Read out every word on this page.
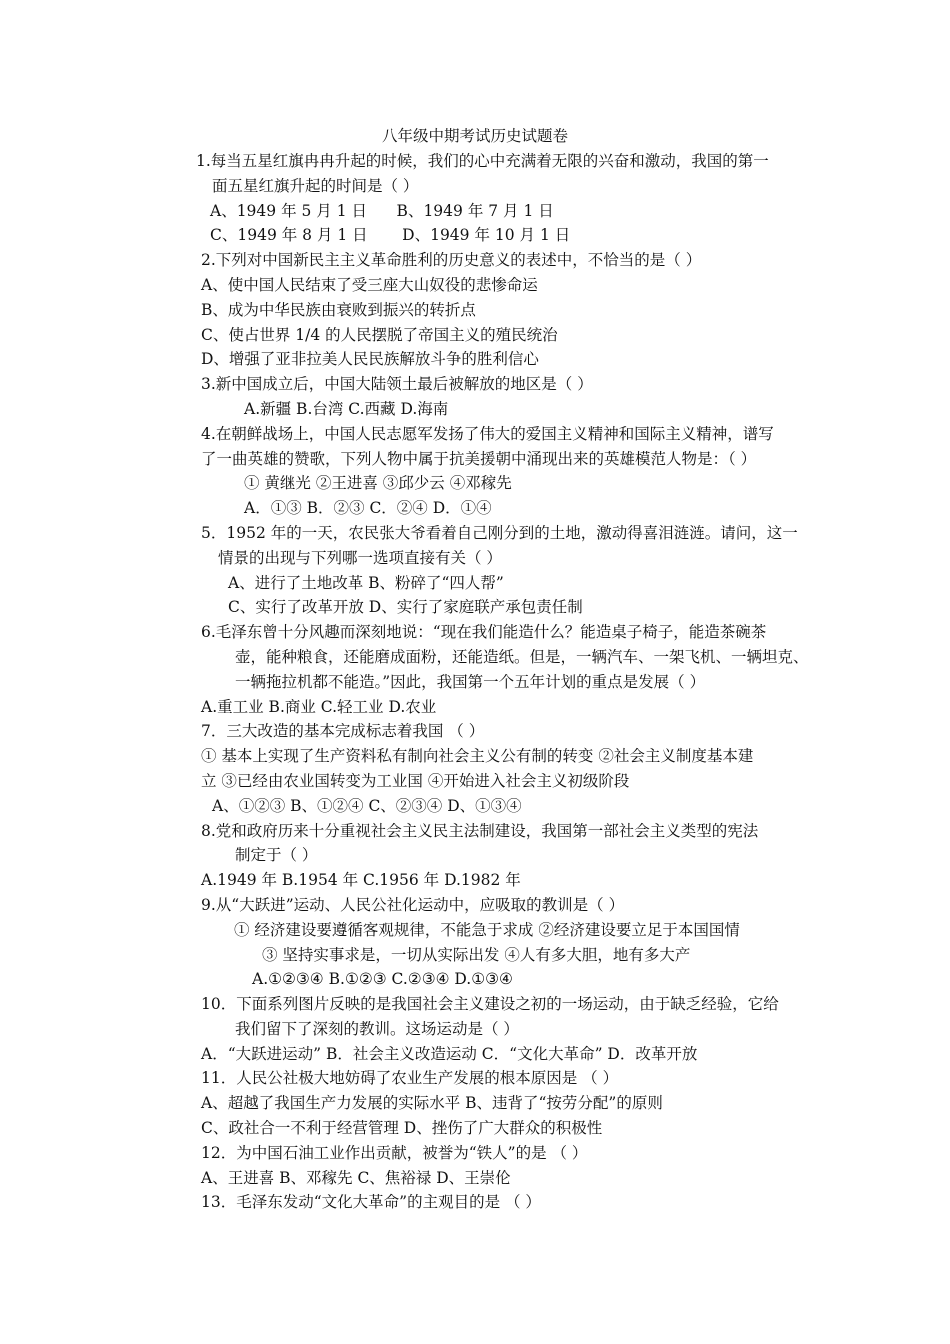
八年级中期考试历史试题卷
1.每当五星红旗冉冉升起的时候，我们的心中充满着无限的兴奋和激动，我国的第一
面五星红旗升起的时间是（ ）
A、1949 年 5 月 1 日      B、1949 年 7 月 1 日
C、1949 年 8 月 1 日       D、1949 年 10 月 1 日
2.下列对中国新民主主义革命胜利的历史意义的表述中，不恰当的是（ ）
A、使中国人民结束了受三座大山奴役的悲惨命运
B、成为中华民族由衰败到振兴的转折点
C、使占世界 1/4 的人民摆脱了帝国主义的殖民统治
D、增强了亚非拉美人民民族解放斗争的胜利信心
3.新中国成立后，中国大陆领土最后被解放的地区是（ ）
A.新疆 B.台湾 C.西藏 D.海南
4.在朝鲜战场上，中国人民志愿军发扬了伟大的爱国主义精神和国际主义精神，谱写
了一曲英雄的赞歌，下列人物中属于抗美援朝中涌现出来的英雄模范人物是：（ ）
① 黄继光 ②王进喜 ③邱少云 ④邓稼先
A．①③ B．②③ C．②④ D．①④
5．1952 年的一天，农民张大爷看着自己刚分到的土地，激动得喜泪涟涟。请问，这一
情景的出现与下列哪一选项直接有关（ ）
A、进行了土地改革 B、粉碎了“四人帮”
C、实行了改革开放 D、实行了家庭联产承包责任制
6.毛泽东曾十分风趣而深刻地说：“现在我们能造什么？能造桌子椅子，能造茶碗茶
壶，能种粮食，还能磨成面粉，还能造纸。但是，一辆汽车、一架飞机、一辆坦克、
一辆拖拉机都不能造。”因此，我国第一个五年计划的重点是发展（ ）
A.重工业 B.商业 C.轻工业 D.农业
7．三大改造的基本完成标志着我国 （ ）
① 基本上实现了生产资料私有制向社会主义公有制的转变 ②社会主义制度基本建
立 ③已经由农业国转变为工业国 ④开始进入社会主义初级阶段
A、①②③ B、①②④ C、②③④ D、①③④
8.党和政府历来十分重视社会主义民主法制建设，我国第一部社会主义类型的宪法
制定于（ ）
A.1949 年 B.1954 年 C.1956 年 D.1982 年
9.从“大跃进”运动、人民公社化运动中，应吸取的教训是（ ）
① 经济建设要遵循客观规律，不能急于求成 ②经济建设要立足于本国国情
③ 坚持实事求是，一切从实际出发 ④人有多大胆，地有多大产
A.①②③④ B.①②③ C.②③④ D.①③④
10．下面系列图片反映的是我国社会主义建设之初的一场运动，由于缺乏经验，它给
我们留下了深刻的教训。这场运动是（ ）
A．“大跃进运动” B．社会主义改造运动 C．“文化大革命” D．改革开放
11．人民公社极大地妨碍了农业生产发展的根本原因是 （ ）
A、超越了我国生产力发展的实际水平 B、违背了“按劳分配”的原则
C、政社合一不利于经营管理 D、挫伤了广大群众的积极性
12．为中国石油工业作出贡献，被誉为“铁人”的是 （ ）
A、王进喜 B、邓稼先 C、焦裕禄 D、王崇伦
13．毛泽东发动“文化大革命”的主观目的是 （ ）
